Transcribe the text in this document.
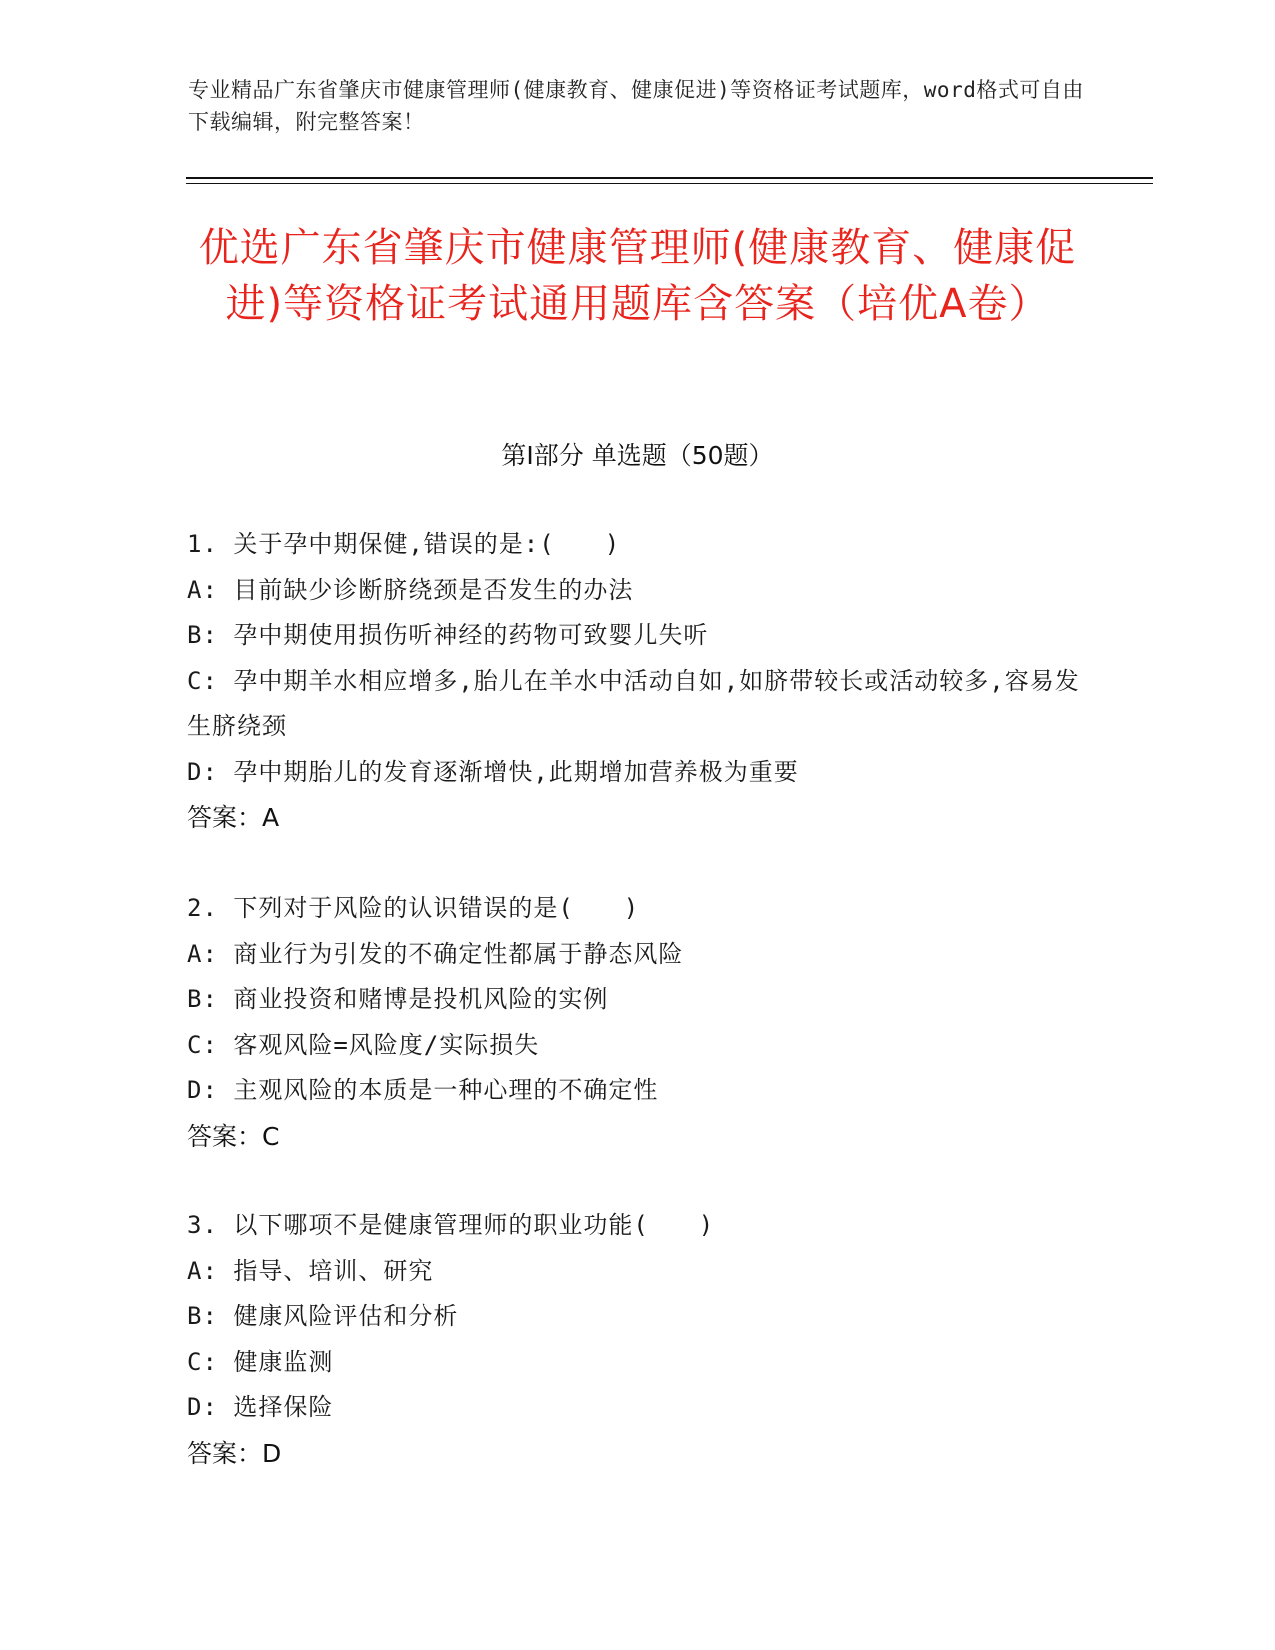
专业精品广东省肇庆市健康管理师(健康教育、健康促进)等资格证考试题库，word格式可自由下载编辑，附完整答案！

优选广东省肇庆市健康管理师(健康教育、健康促进)等资格证考试通用题库含答案（培优A卷）
第Ⅰ部分 单选题（50题）
1. 关于孕中期保健,错误的是:(　　)
A: 目前缺少诊断脐绕颈是否发生的办法
B: 孕中期使用损伤听神经的药物可致婴儿失听
C: 孕中期羊水相应增多,胎儿在羊水中活动自如,如脐带较长或活动较多,容易发生脐绕颈
D: 孕中期胎儿的发育逐渐增快,此期增加营养极为重要
答案：A
2. 下列对于风险的认识错误的是(　　)
A: 商业行为引发的不确定性都属于静态风险
B: 商业投资和赌博是投机风险的实例
C: 客观风险=风险度/实际损失
D: 主观风险的本质是一种心理的不确定性
答案：C
3. 以下哪项不是健康管理师的职业功能(　　)
A: 指导、培训、研究
B: 健康风险评估和分析
C: 健康监测
D: 选择保险
答案：D
